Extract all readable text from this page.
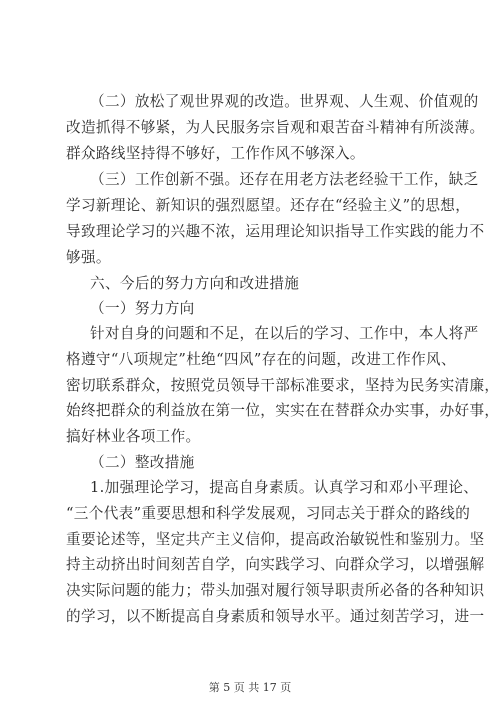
（二）放松了观世界观的改造。世界观、人生观、价值观的
改造抓得不够紧，为人民服务宗旨观和艰苦奋斗精神有所淡薄。
群众路线坚持得不够好，工作作风不够深入。
（三）工作创新不强。还存在用老方法老经验干工作，缺乏
学习新理论、新知识的强烈愿望。还存在“经验主义”的思想，
导致理论学习的兴趣不浓，运用理论知识指导工作实践的能力不
够强。
六、今后的努力方向和改进措施
（一）努力方向
针对自身的问题和不足，在以后的学习、工作中，本人将严
格遵守“八项规定”杜绝“四风”存在的问题，改进工作作风、
密切联系群众，按照党员领导干部标准要求，坚持为民务实清廉，
始终把群众的利益放在第一位，实实在在替群众办实事，办好事，
搞好林业各项工作。
（二）整改措施
1.加强理论学习，提高自身素质。认真学习和邓小平理论、
“三个代表”重要思想和科学发展观，习同志关于群众的路线的
重要论述等，坚定共产主义信仰，提高政治敏锐性和鉴别力。坚
持主动挤出时间刻苦自学，向实践学习、向群众学习，以增强解
决实际问题的能力；带头加强对履行领导职责所必备的各种知识
的学习，以不断提高自身素质和领导水平。通过刻苦学习，进一
第 5 页 共 17 页
